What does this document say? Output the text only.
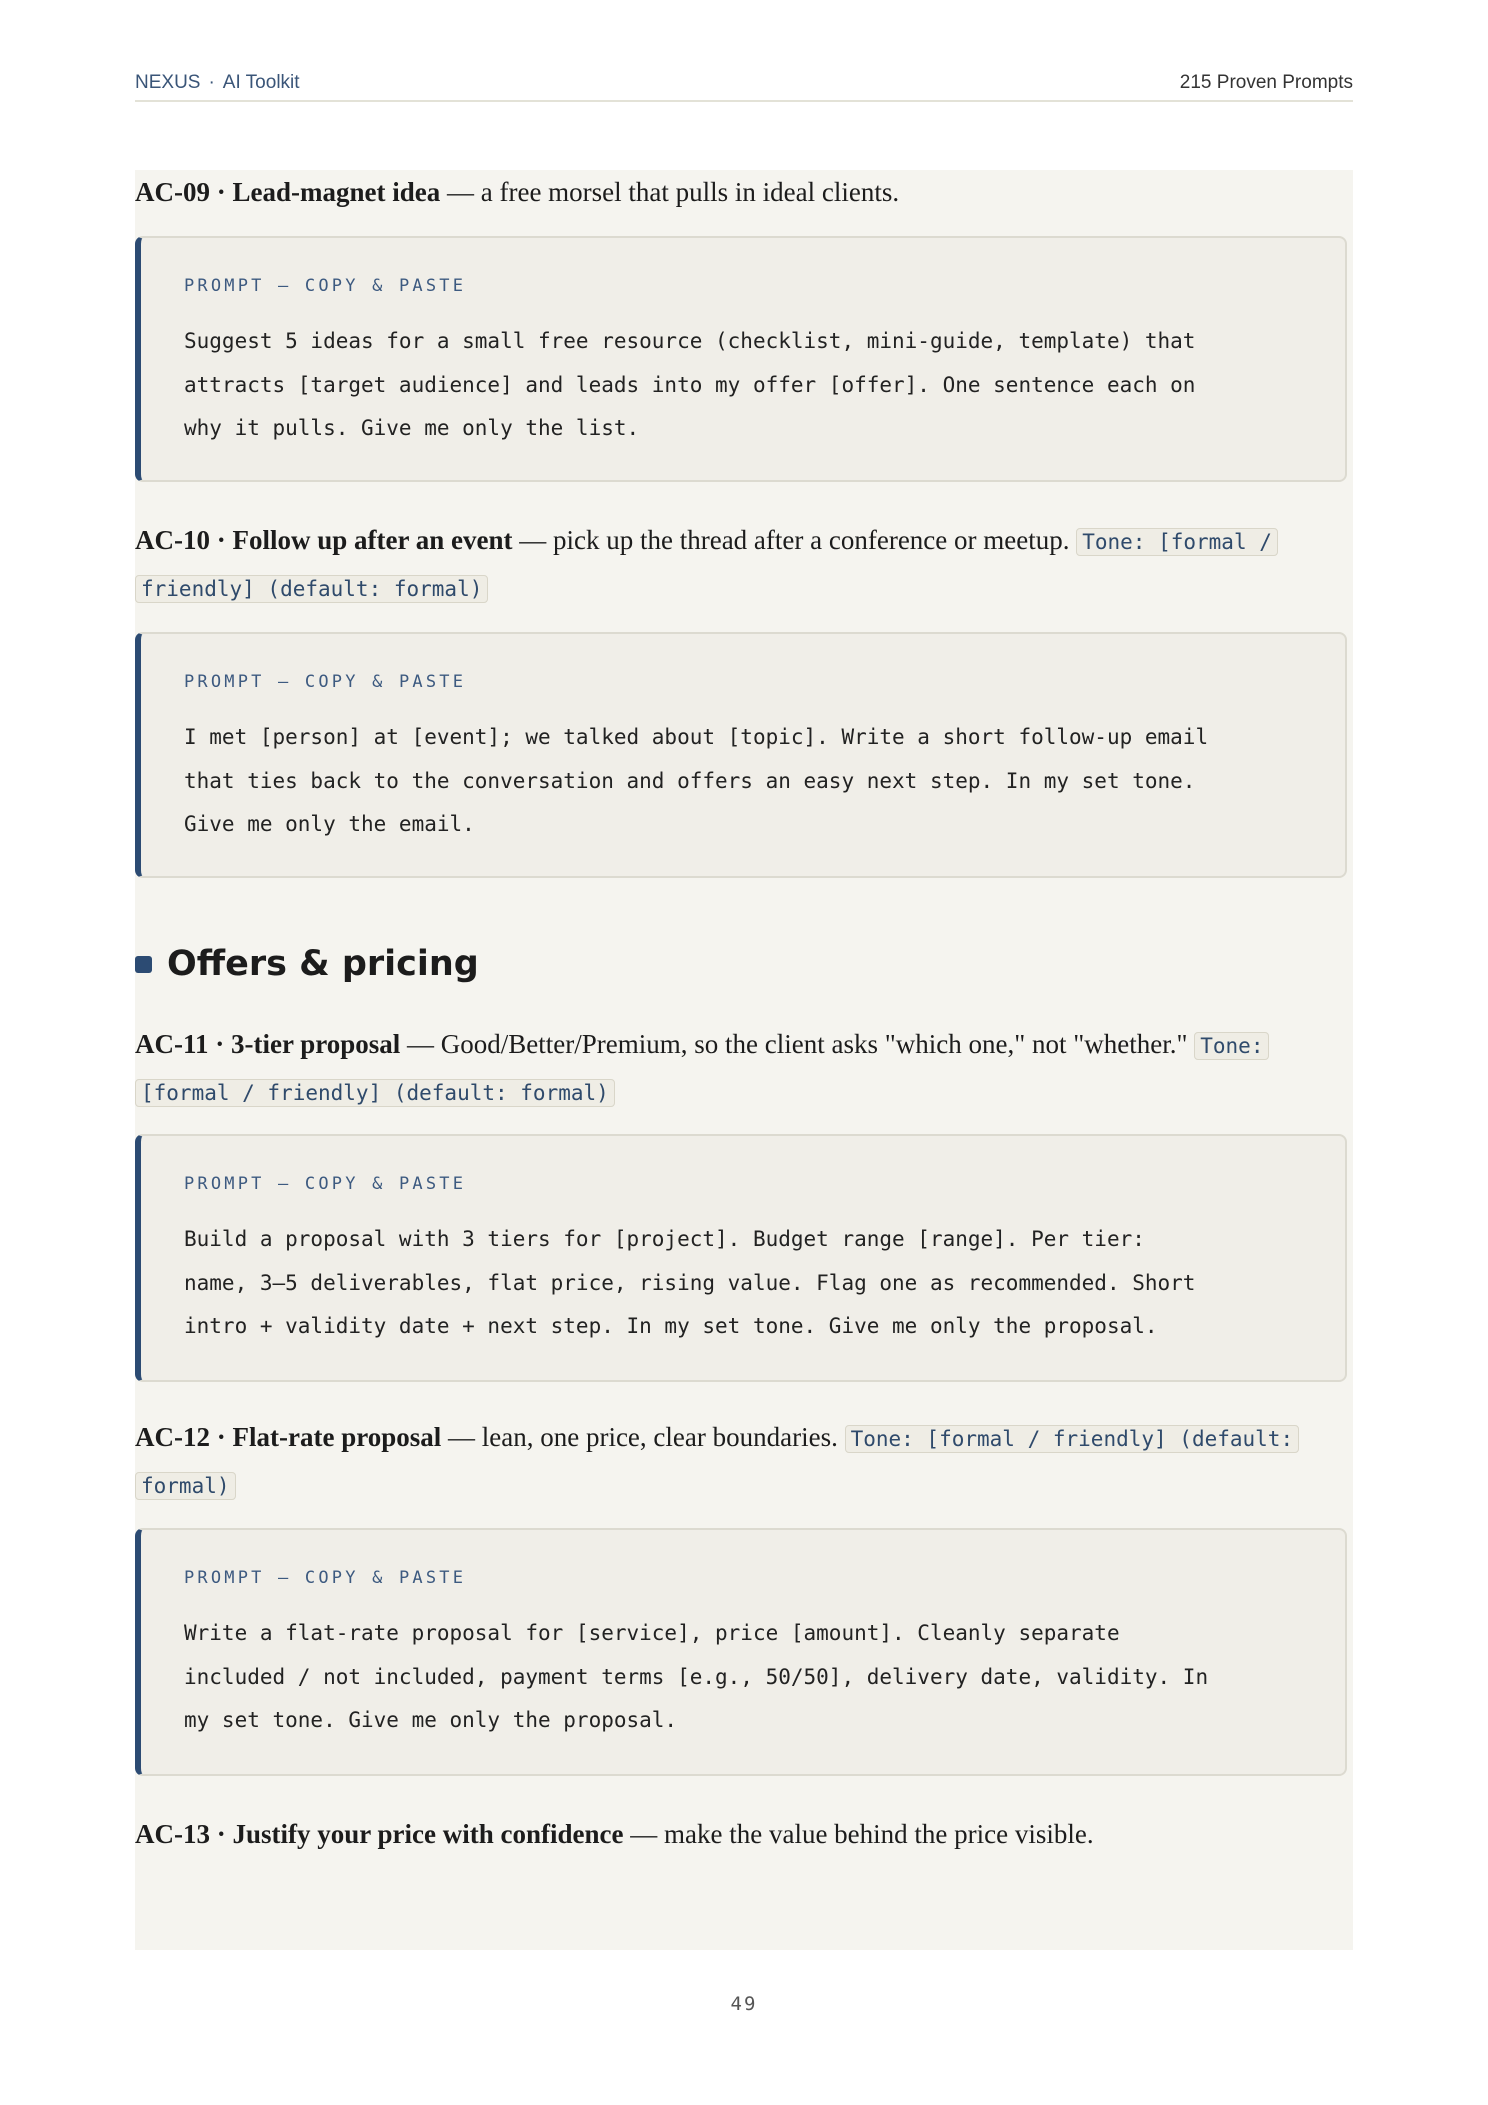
NEXUS · AI Toolkit	215 Proven Prompts

AC-09 · Lead-magnet idea — a free morsel that pulls in ideal clients.

PROMPT — COPY & PASTE
Suggest 5 ideas for a small free resource (checklist, mini-guide, template) that
attracts [target audience] and leads into my offer [offer]. One sentence each on
why it pulls. Give me only the list.

AC-10 · Follow up after an event — pick up the thread after a conference or meetup. Tone: [formal / friendly] (default: formal)

PROMPT — COPY & PASTE
I met [person] at [event]; we talked about [topic]. Write a short follow-up email
that ties back to the conversation and offers an easy next step. In my set tone.
Give me only the email.
Offers & pricing

AC-11 · 3-tier proposal — Good/Better/Premium, so the client asks "which one," not "whether." Tone: [formal / friendly] (default: formal)

PROMPT — COPY & PASTE
Build a proposal with 3 tiers for [project]. Budget range [range]. Per tier:
name, 3–5 deliverables, flat price, rising value. Flag one as recommended. Short
intro + validity date + next step. In my set tone. Give me only the proposal.

AC-12 · Flat-rate proposal — lean, one price, clear boundaries. Tone: [formal / friendly] (default: formal)

PROMPT — COPY & PASTE
Write a flat-rate proposal for [service], price [amount]. Cleanly separate
included / not included, payment terms [e.g., 50/50], delivery date, validity. In
my set tone. Give me only the proposal.

AC-13 · Justify your price with confidence — make the value behind the price visible.

49
